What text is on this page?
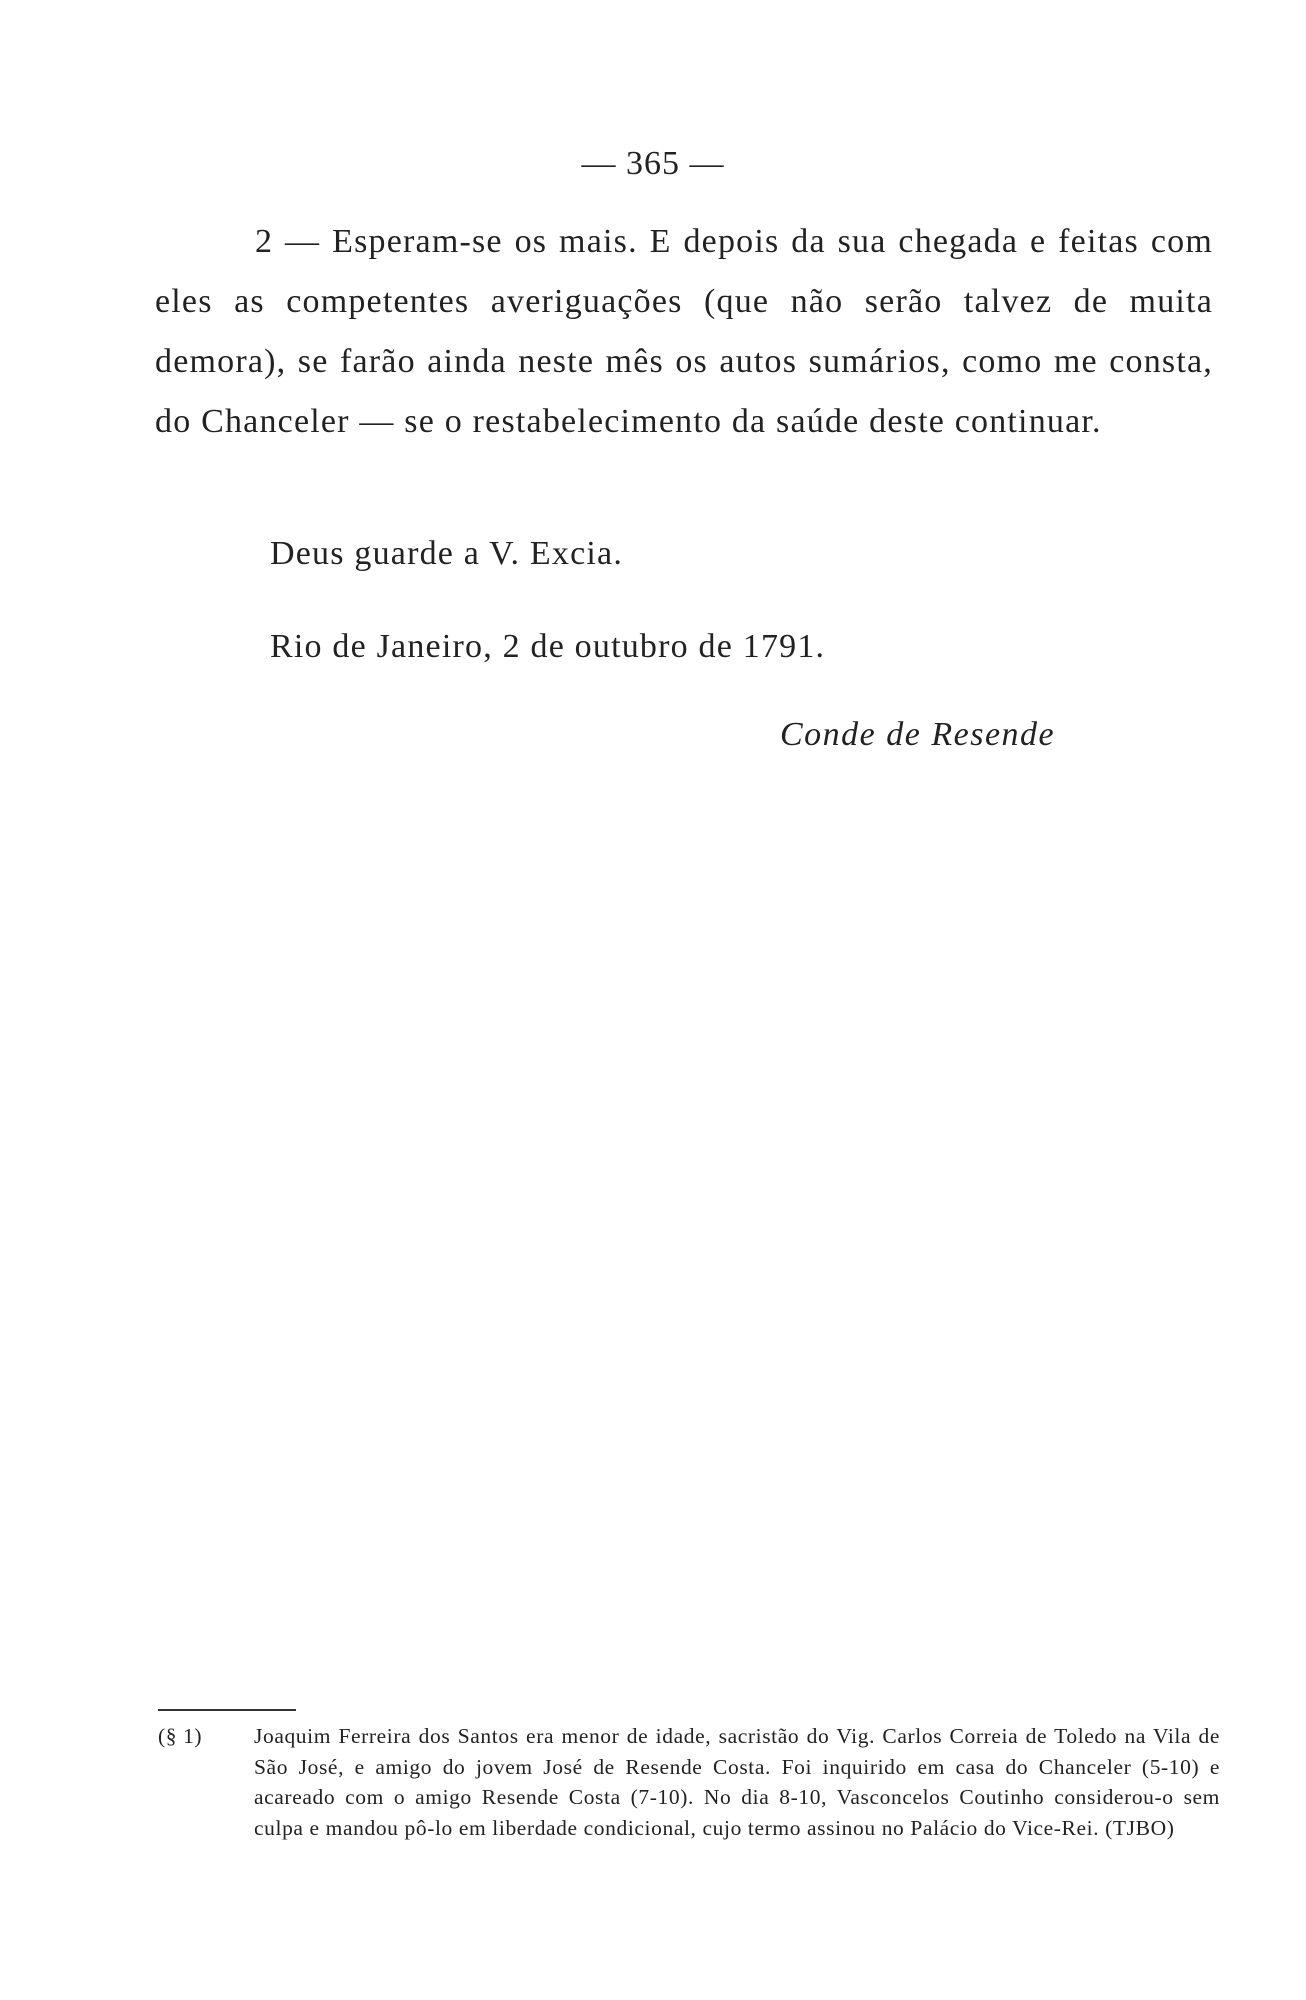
— 365 —

2 — Esperam-se os mais. E depois da sua chegada e feitas com eles as competentes averiguações (que não serão talvez de muita demora), se farão ainda neste mês os autos sumários, como me consta, do Chanceler — se o restabelecimento da saúde deste continuar.

Deus guarde a V. Excia.
Rio de Janeiro, 2 de outubro de 1791.
Conde de Resende
(§ 1)	Joaquim Ferreira dos Santos era menor de idade, sacristão do Vig. Carlos Correia de Toledo na Vila de São José, e amigo do jovem José de Resende Costa. Foi inquirido em casa do Chanceler (5-10) e acareado com o amigo Resende Costa (7-10). No dia 8-10, Vasconcelos Coutinho considerou-o sem culpa e mandou pô-lo em liberdade condicional, cujo termo assinou no Palácio do Vice-Rei. (TJBO)
